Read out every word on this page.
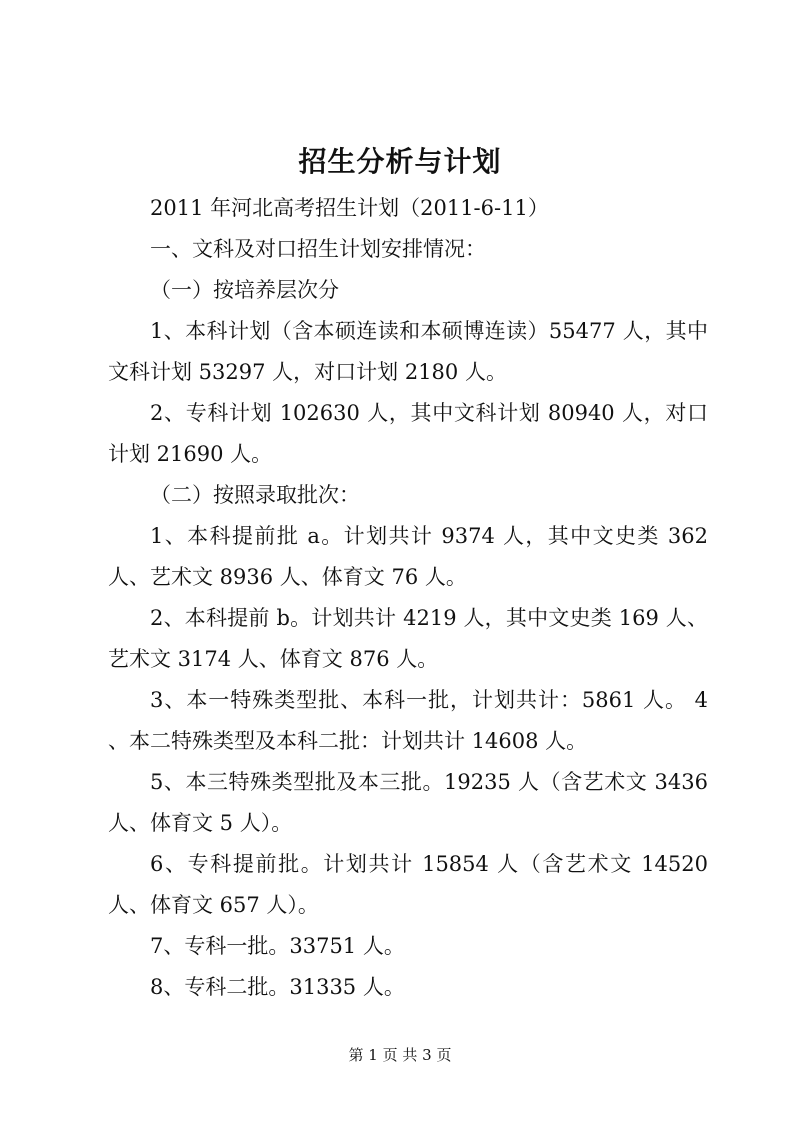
招生分析与计划

2011 年河北高考招生计划（2011-6-11）

一、文科及对口招生计划安排情况：

（一）按培养层次分

1、本科计划（含本硕连读和本硕博连读）55477 人，其中文科计划 53297 人，对口计划 2180 人。

2、专科计划 102630 人，其中文科计划 80940 人，对口计划 21690 人。

（二）按照录取批次：

1、本科提前批 a。计划共计 9374 人，其中文史类 362 人、艺术文 8936 人、体育文 76 人。

2、本科提前 b。计划共计 4219 人，其中文史类 169 人、艺术文 3174 人、体育文 876 人。

3、本一特殊类型批、本科一批，计划共计：5861 人。 4 、本二特殊类型及本科二批：计划共计 14608 人。

5、本三特殊类型批及本三批。19235 人（含艺术文 3436 人、体育文 5 人）。

6、专科提前批。计划共计 15854 人（含艺术文 14520 人、体育文 657 人）。

7、专科一批。33751 人。

8、专科二批。31335 人。

第 1 页 共 3 页
